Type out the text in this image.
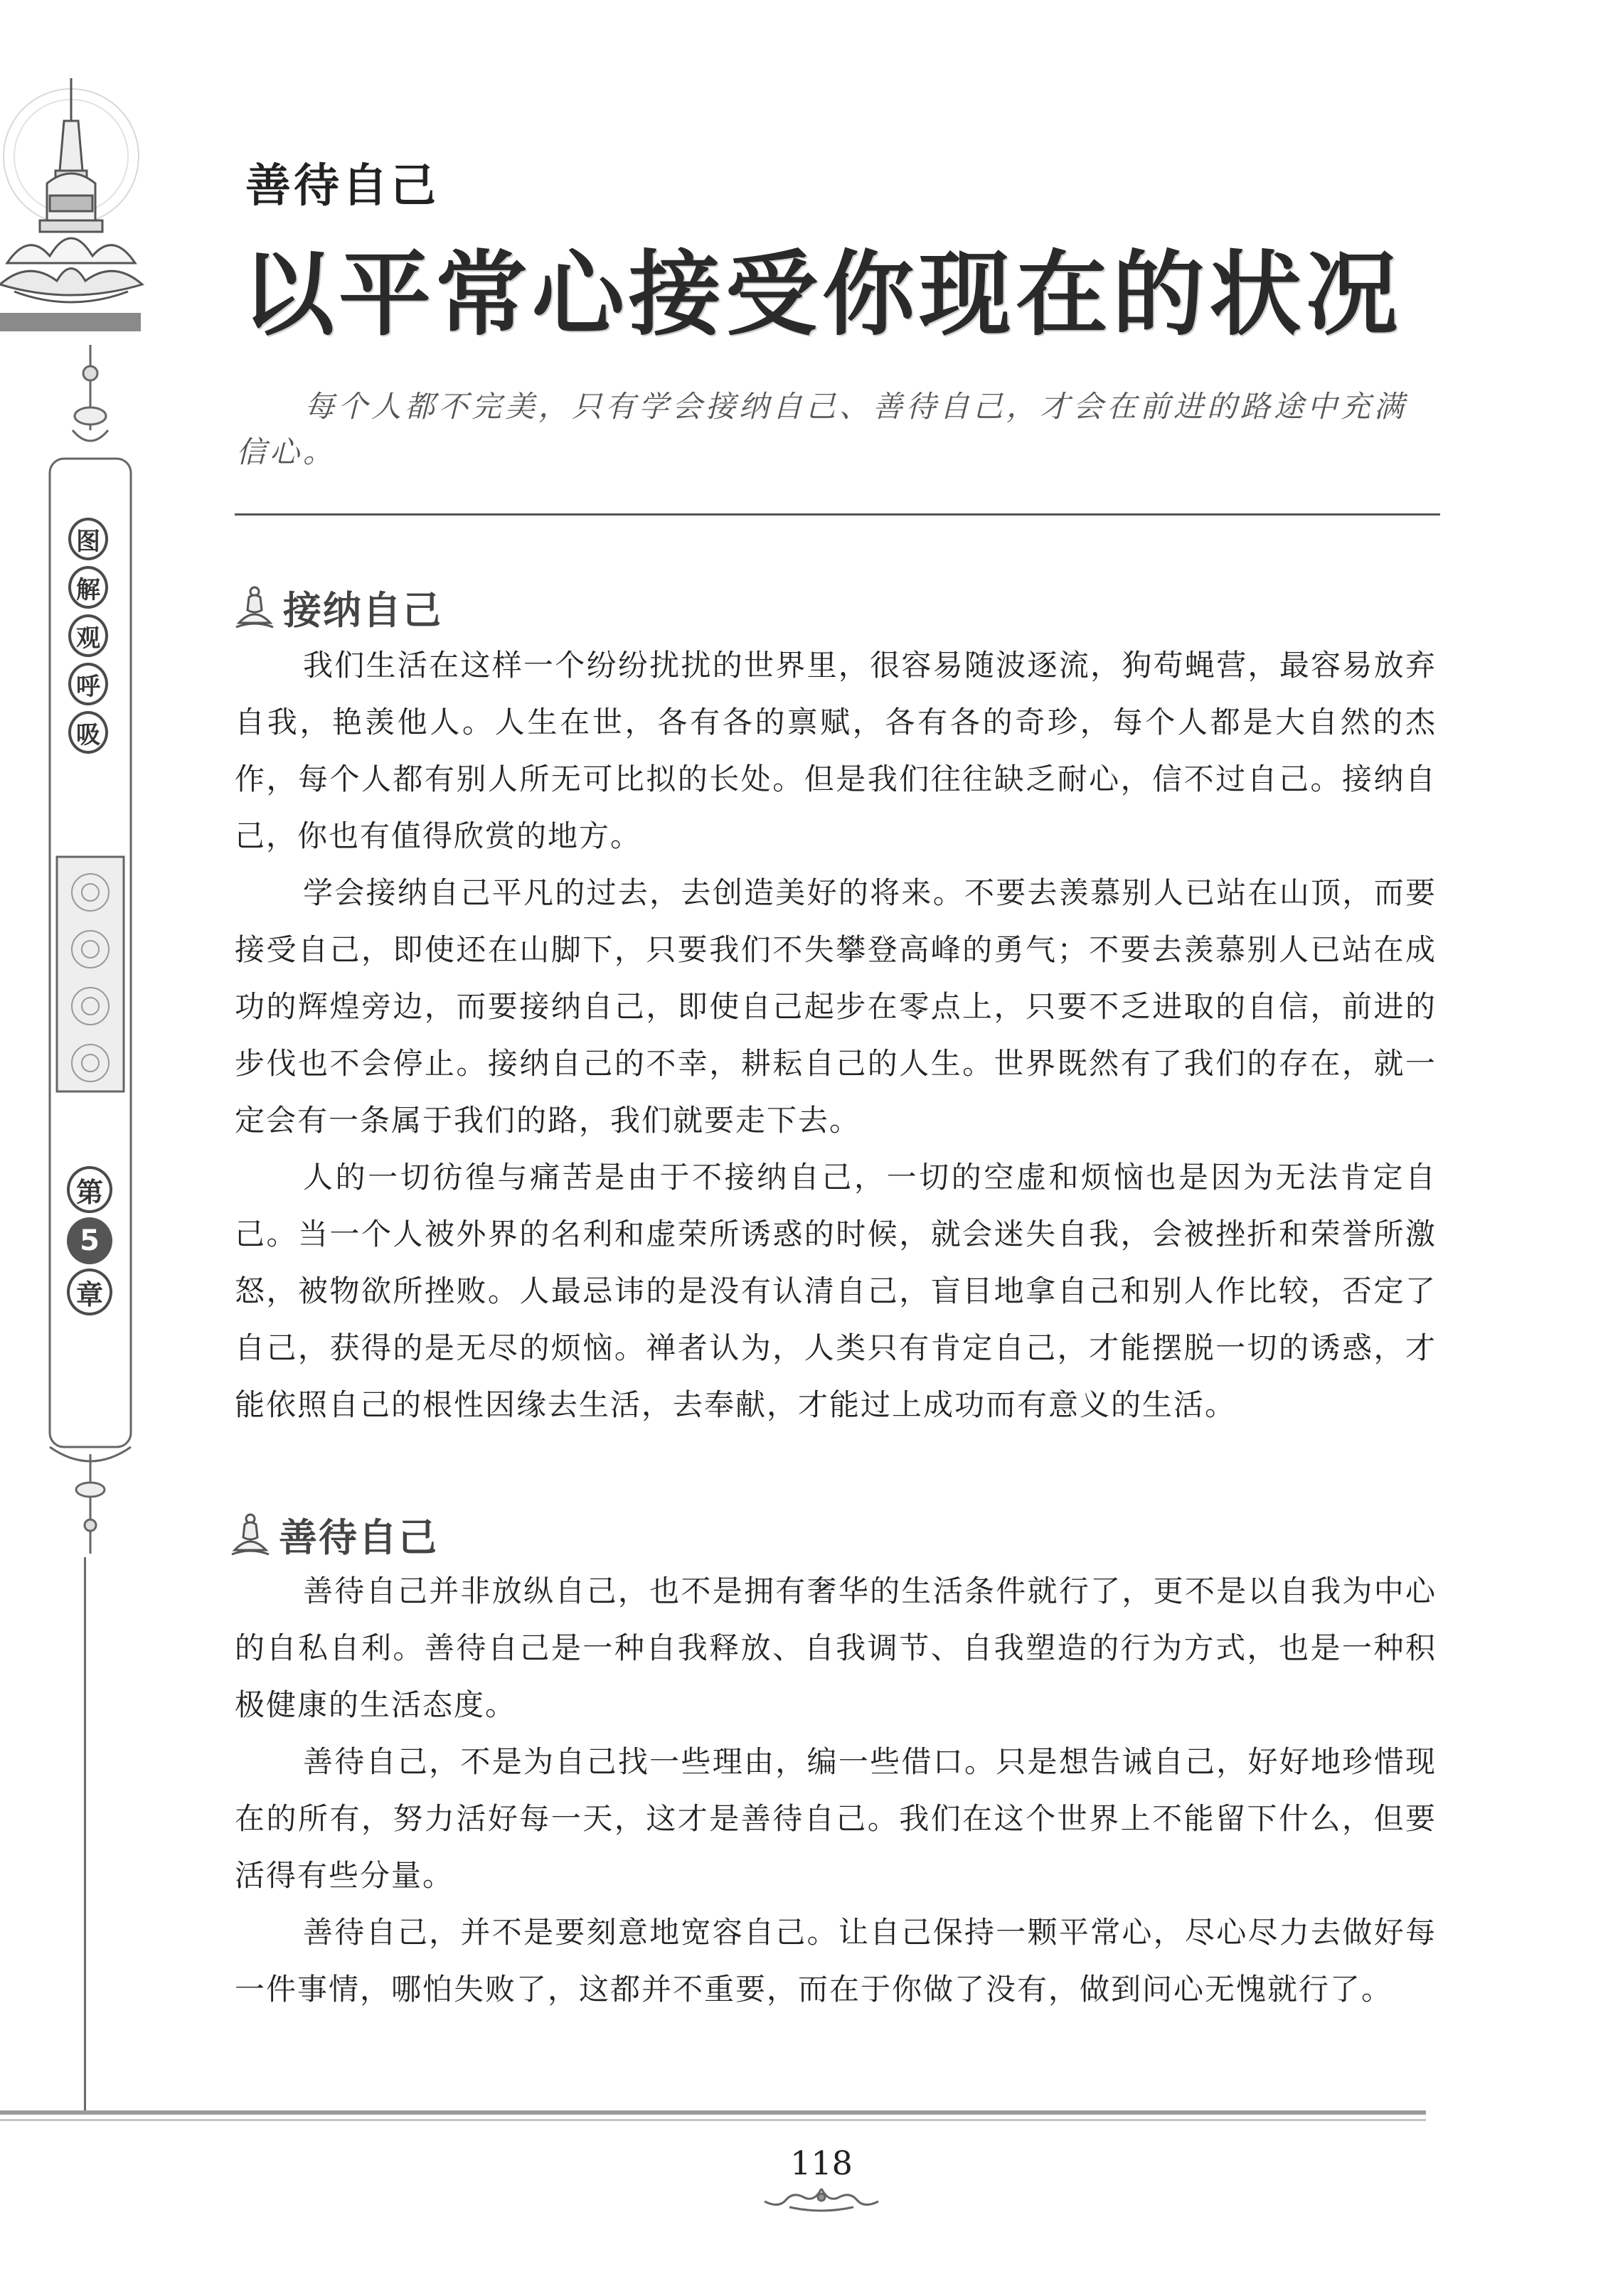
图
解
观
呼
吸
第
5
章
善待自己
以平常心接受你现在的状况

每个人都不完美，只有学会接纳自己、善待自己，才会在前进的路途中充满信心。

接纳自己

我们生活在这样一个纷纷扰扰的世界里，很容易随波逐流，狗苟蝇营，最容易放弃自我，艳羡他人。人生在世，各有各的禀赋，各有各的奇珍，每个人都是大自然的杰作，每个人都有别人所无可比拟的长处。但是我们往往缺乏耐心，信不过自己。接纳自己，你也有值得欣赏的地方。

学会接纳自己平凡的过去，去创造美好的将来。不要去羡慕别人已站在山顶，而要接受自己，即使还在山脚下，只要我们不失攀登高峰的勇气；不要去羡慕别人已站在成功的辉煌旁边，而要接纳自己，即使自己起步在零点上，只要不乏进取的自信，前进的步伐也不会停止。接纳自己的不幸，耕耘自己的人生。世界既然有了我们的存在，就一定会有一条属于我们的路，我们就要走下去。

人的一切彷徨与痛苦是由于不接纳自己，一切的空虚和烦恼也是因为无法肯定自己。当一个人被外界的名利和虚荣所诱惑的时候，就会迷失自我，会被挫折和荣誉所激怒，被物欲所挫败。人最忌讳的是没有认清自己，盲目地拿自己和别人作比较，否定了自己，获得的是无尽的烦恼。禅者认为，人类只有肯定自己，才能摆脱一切的诱惑，才能依照自己的根性因缘去生活，去奉献，才能过上成功而有意义的生活。

善待自己

善待自己并非放纵自己，也不是拥有奢华的生活条件就行了，更不是以自我为中心的自私自利。善待自己是一种自我释放、自我调节、自我塑造的行为方式，也是一种积极健康的生活态度。

善待自己，不是为自己找一些理由，编一些借口。只是想告诫自己，好好地珍惜现在的所有，努力活好每一天，这才是善待自己。我们在这个世界上不能留下什么，但要活得有些分量。

善待自己，并不是要刻意地宽容自己。让自己保持一颗平常心，尽心尽力去做好每一件事情，哪怕失败了，这都并不重要，而在于你做了没有，做到问心无愧就行了。

118
